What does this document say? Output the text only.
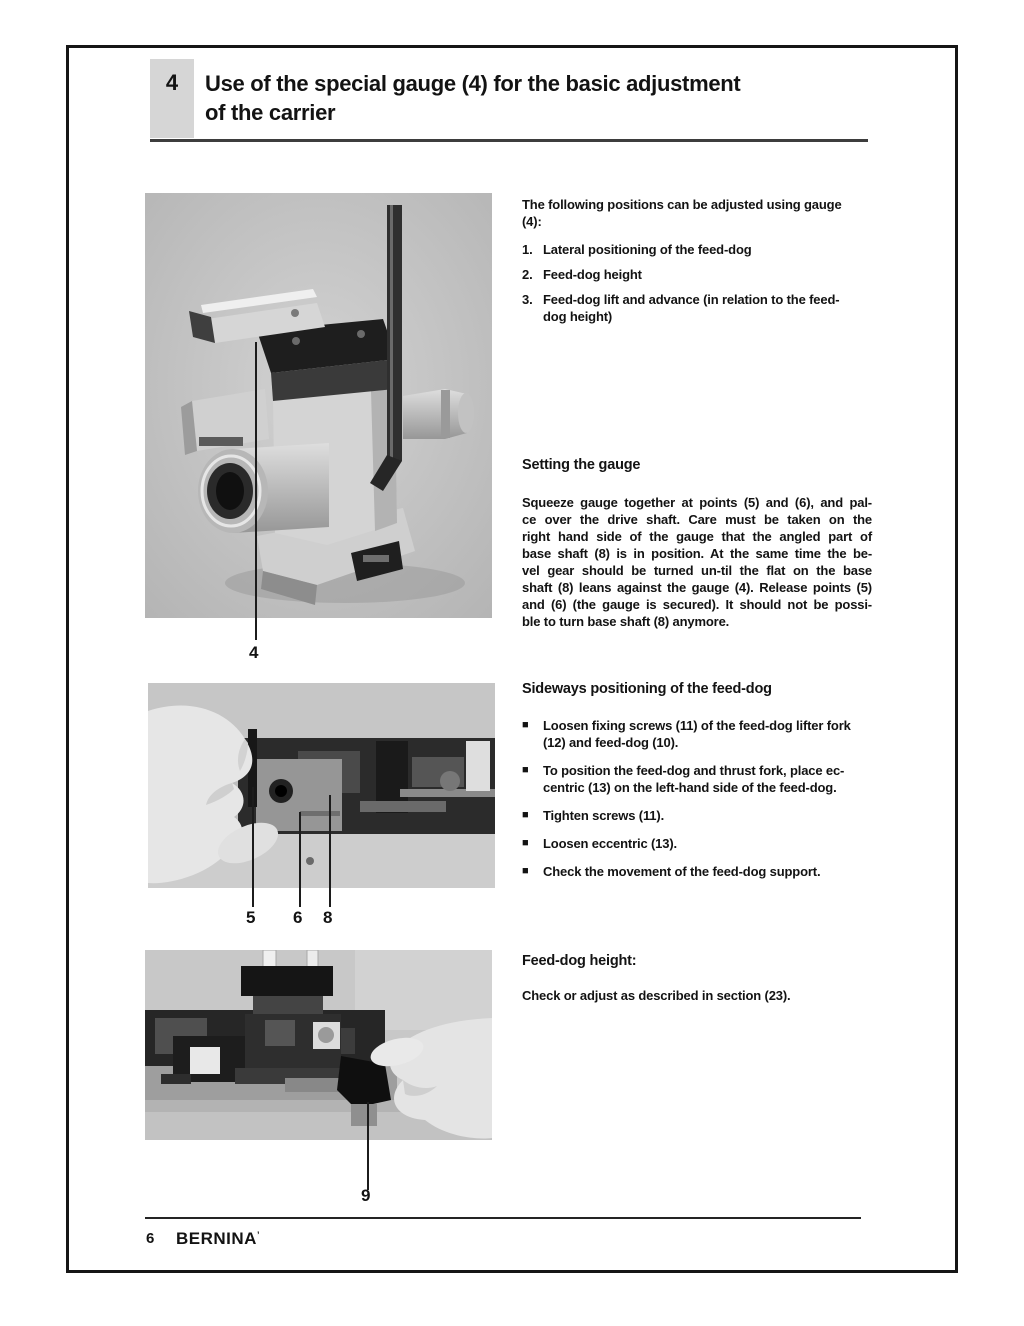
4	Use of the special gauge (4) for the basic adjustment
of the carrier
4
5 6 8
9
The following positions can be adjusted using gauge
(4):
1. Lateral positioning of the feed-dog
2. Feed-dog height
3. Feed-dog lift and advance (in relation to the feed-
dog height)
Setting the gauge
Squeeze gauge together at points (5) and (6), and pal-
ce over the drive shaft. Care must be taken on the
right hand side of the gauge that the angled part of
base shaft (8) is in position. At the same time the be-
vel gear should be turned un-til the flat on the base
shaft (8) leans against the gauge (4). Release points (5)
and (6) (the gauge is secured). It should not be possi-
ble to turn base shaft (8) anymore.
Sideways positioning of the feed-dog
■	Loosen fixing screws (11) of the feed-dog lifter fork
(12) and feed-dog (10).
■	To position the feed-dog and thrust fork, place ec-
centric (13) on the left-hand side of the feed-dog.
■	Tighten screws (11).
■	Loosen eccentric (13).
■	Check the movement of the feed-dog support.
Feed-dog height:
Check or adjust as described in section (23).
6 BERNINA’
